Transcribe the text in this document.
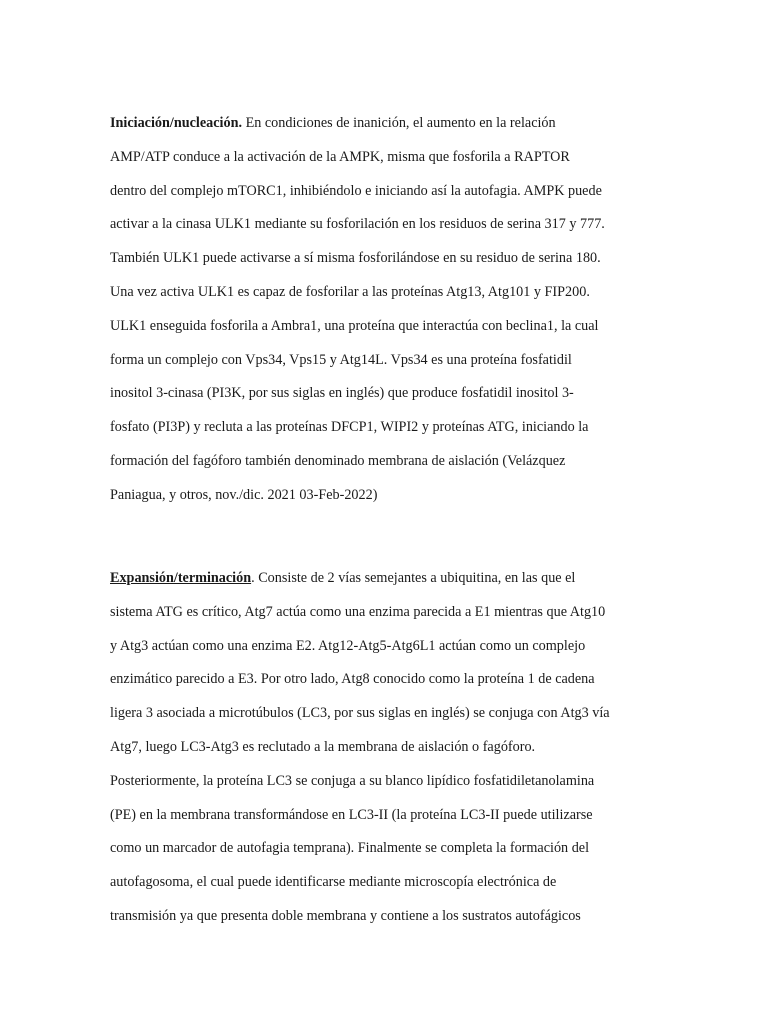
Iniciación/nucleación. En condiciones de inanición, el aumento en la relación
AMP/ATP conduce a la activación de la AMPK, misma que fosforila a RAPTOR
dentro del complejo mTORC1, inhibiéndolo e iniciando así la autofagia. AMPK puede
activar a la cinasa ULK1 mediante su fosforilación en los residuos de serina 317 y 777.
También ULK1 puede activarse a sí misma fosforilándose en su residuo de serina 180.
Una vez activa ULK1 es capaz de fosforilar a las proteínas Atg13, Atg101 y FIP200.
ULK1 enseguida fosforila a Ambra1, una proteína que interactúa con beclina1, la cual
forma un complejo con Vps34, Vps15 y Atg14L. Vps34 es una proteína fosfatidil
inositol 3-cinasa (PI3K, por sus siglas en inglés) que produce fosfatidil inositol 3-
fosfato (PI3P) y recluta a las proteínas DFCP1, WIPI2 y proteínas ATG, iniciando la
formación del fagóforo también denominado membrana de aislación (Velázquez
Paniagua, y otros, nov./dic. 2021 03-Feb-2022)

Expansión/terminación. Consiste de 2 vías semejantes a ubiquitina, en las que el
sistema ATG es crítico, Atg7 actúa como una enzima parecida a E1 mientras que Atg10
y Atg3 actúan como una enzima E2. Atg12-Atg5-Atg6L1 actúan como un complejo
enzimático parecido a E3. Por otro lado, Atg8 conocido como la proteína 1 de cadena
ligera 3 asociada a microtúbulos (LC3, por sus siglas en inglés) se conjuga con Atg3 vía
Atg7, luego LC3-Atg3 es reclutado a la membrana de aislación o fagóforo.
Posteriormente, la proteína LC3 se conjuga a su blanco lipídico fosfatidiletanolamina
(PE) en la membrana transformándose en LC3-II (la proteína LC3-II puede utilizarse
como un marcador de autofagia temprana). Finalmente se completa la formación del
autofagosoma, el cual puede identificarse mediante microscopía electrónica de
transmisión ya que presenta doble membrana y contiene a los sustratos autofágicos
